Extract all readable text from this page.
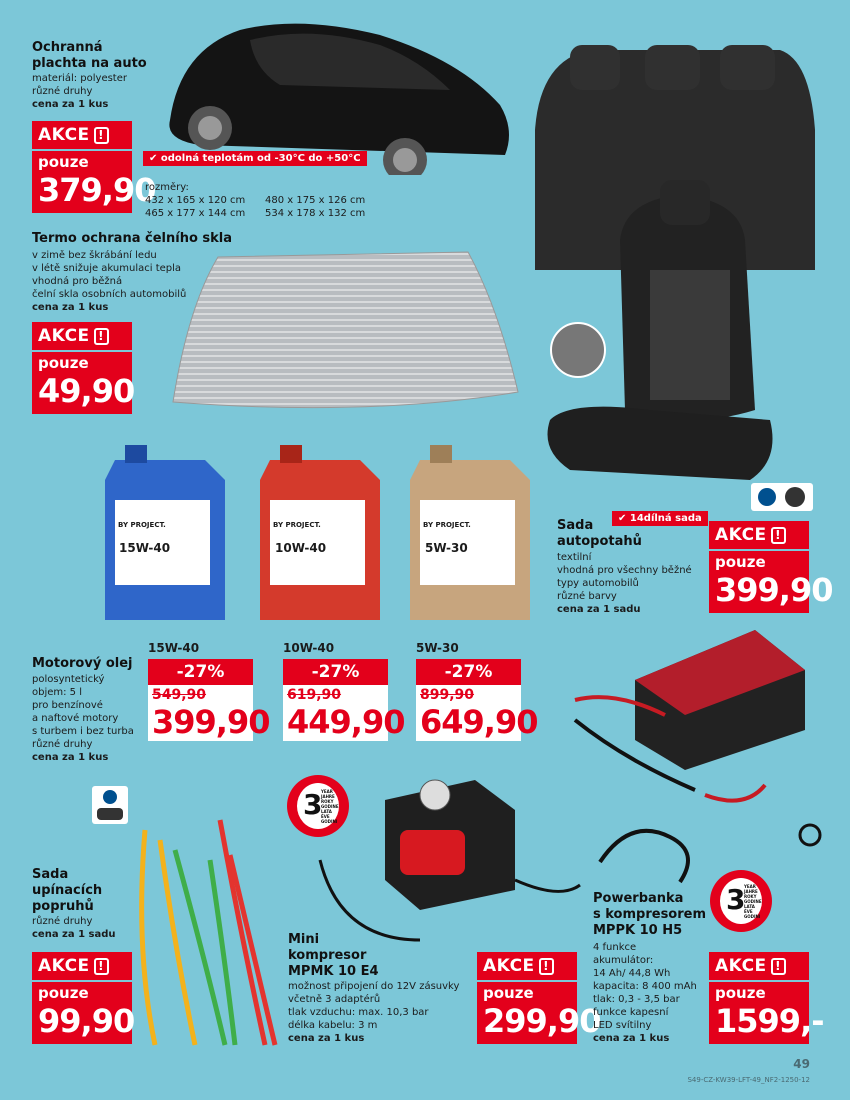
Ochranná
plachta na auto
materiál: polyester
různé druhy
cena za 1 kus
AKCE !
pouze
379,90
✔ odolná teplotám od -30°C do +50°C
rozměry:
432 x 165 x 120 cm	480 x 175 x 126 cm
465 x 177 x 144 cm	534 x 178 x 132 cm
✔ 14dílná sada
Sada
autopotahů
textilní
vhodná pro všechny běžné
typy automobilů
různé barvy
cena za 1 sadu
AKCE !
pouze
399,90
Termo ochrana čelního skla
v zimě bez škrábání ledu
v létě snižuje akumulaci tepla
vhodná pro běžná
čelní skla osobních automobilů
cena za 1 kus
AKCE !
pouze
49,90
15W-40	10W-40	5W-30
BY PROJECT.	BY PROJECT.	BY PROJECT.
Motorový olej
polosyntetický
objem: 5 l
pro benzínové
a naftové motory
s turbem i bez turba
různé druhy
cena za 1 kus
15W-40
-27%
549,90
399,90
10W-40
-27%
619,90
449,90
5W-30
-27%
899,90
649,90
Sada
upínacích
popruhů
různé druhy
cena za 1 sadu
AKCE !
pouze
99,90
3
YEAR
JAHRE
ROKY
GODINE
LATA
ÉVE
GODINI
Mini
kompresor
MPMK 10 E4
možnost připojení do 12V zásuvky
včetně 3 adaptérů
tlak vzduchu: max. 10,3 bar
délka kabelu: 3 m
cena za 1 kus
AKCE !
pouze
299,90
3
YEAR
JAHRE
ROKY
GODINE
LATA
ÉVE
GODINI
Powerbanka
s kompresorem
MPPK 10 H5
4 funkce
akumulátor:
14 Ah/ 44,8 Wh
kapacita: 8 400 mAh
tlak: 0,3 - 3,5 bar
funkce kapesní
LED svítilny
cena za 1 kus
AKCE !
pouze
1599,-
49
S49-CZ-KW39-LFT-49_NF2-1250-12
